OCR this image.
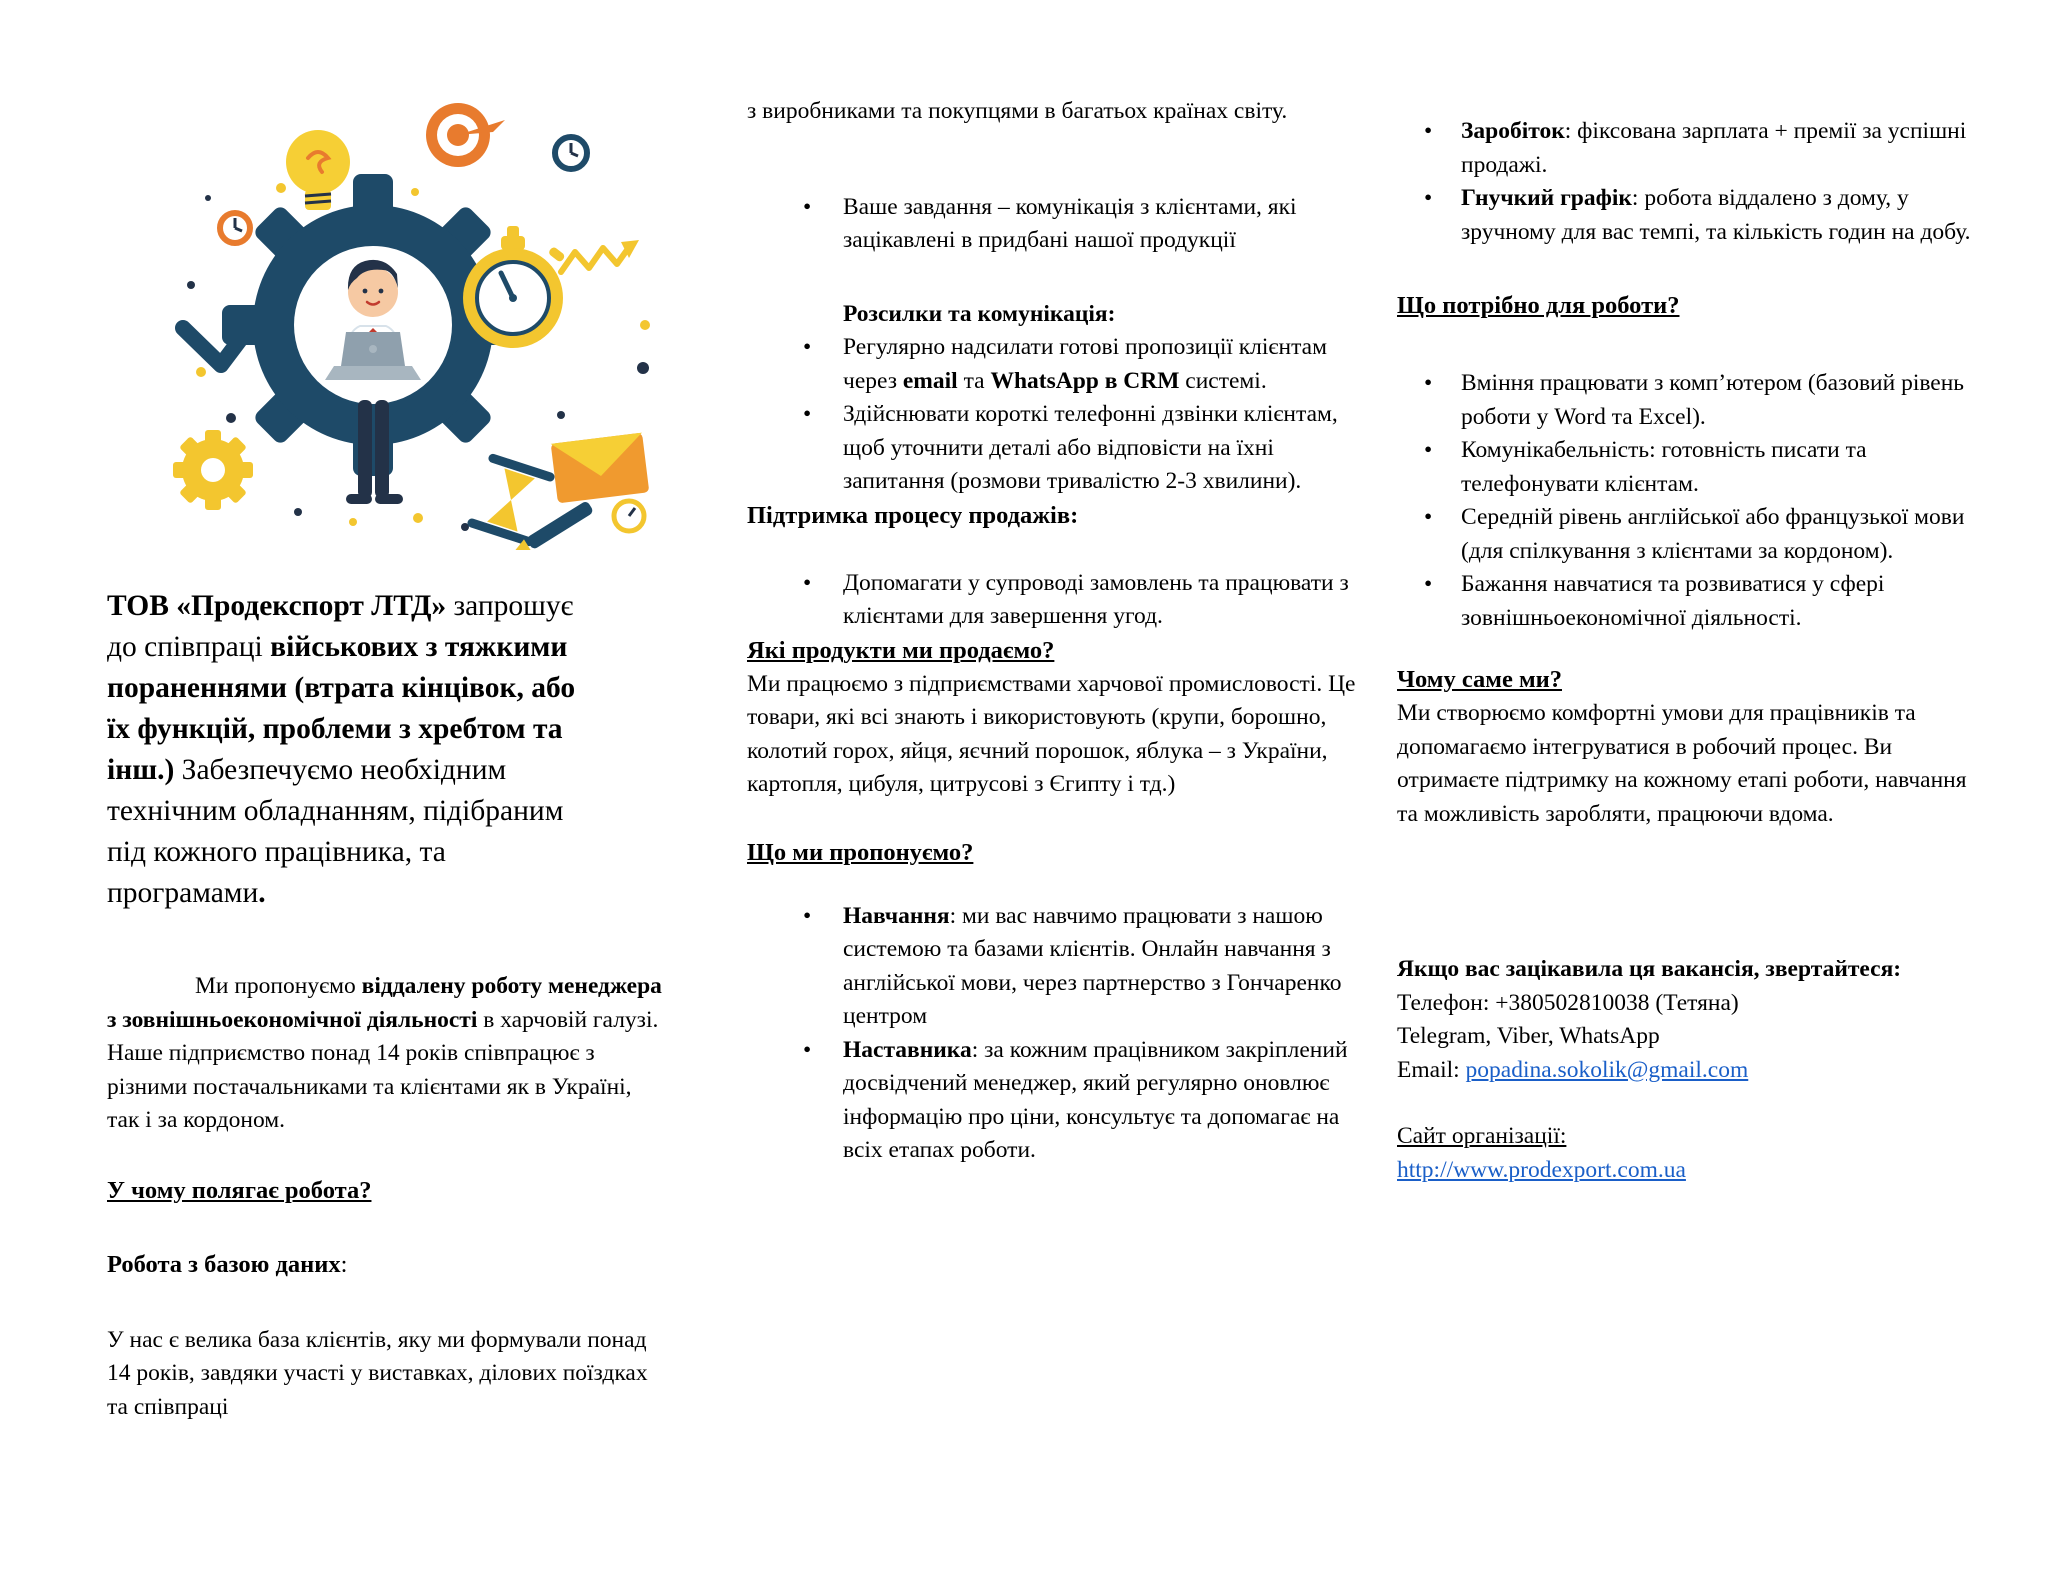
ТОВ «Продекспорт ЛТД» запрошує до співпраці військових з тяжкими пораненнями (втрата кінцівок, або їх функцій, проблеми з хребтом та інш.) Забезпечуємо необхідним технічним обладнанням, підібраним під кожного працівника, та програмами.

Ми пропонуємо віддалену роботу менеджера з зовнішньоекономічної діяльності в харчовій галузі. Наше підприємство понад 14 років співпрацює з різними постачальниками та клієнтами як в Україні, так і за кордоном.

У чому полягає робота?

Робота з базою даних:

У нас є велика база клієнтів, яку ми формували понад 14 років, завдяки участі у виставках, ділових поїздках та співпраці

з виробниками та покупцями в багатьох країнах світу.

• Ваше завдання – комунікація з клієнтами, які зацікавлені в придбані нашої продукції

Розсилки та комунікація:

• Регулярно надсилати готові пропозиції клієнтам через email та WhatsApp в CRM системі.
• Здійснювати короткі телефонні дзвінки клієнтам, щоб уточнити деталі або відповісти на їхні запитання (розмови тривалістю 2-3 хвилини).

Підтримка процесу продажів:

• Допомагати у супроводі замовлень та працювати з клієнтами для завершення угод.

Які продукти ми продаємо?

Ми працюємо з підприємствами харчової промисловості. Це товари, які всі знають і використовують (крупи, борошно, колотий горох, яйця, яєчний порошок, яблука – з України, картопля, цибуля, цитрусові з Єгипту і тд.)

Що ми пропонуємо?

• Навчання: ми вас навчимо працювати з нашою системою та базами клієнтів. Онлайн навчання з англійської мови, через партнерство з Гончаренко центром
• Наставника: за кожним працівником закріплений досвідчений менеджер, який регулярно оновлює інформацію про ціни, консультує та допомагає на всіх етапах роботи.
• Заробіток: фіксована зарплата + премії за успішні продажі.
• Гнучкий графік: робота віддалено з дому, у зручному для вас темпі, та кількість годин на добу.

Що потрібно для роботи?

• Вміння працювати з комп’ютером (базовий рівень роботи у Word та Excel).
• Комунікабельність: готовність писати та телефонувати клієнтам.
• Середній рівень англійської або французької мови (для спілкування з клієнтами за кордоном).
• Бажання навчатися та розвиватися у сфері зовнішньоекономічної діяльності.

Чому саме ми?

Ми створюємо комфортні умови для працівників та допомагаємо інтегруватися в робочий процес. Ви отримаєте підтримку на кожному етапі роботи, навчання та можливість заробляти, працюючи вдома.

Якщо вас зацікавила ця вакансія, звертайтеся:

Телефон: +380502810038 (Тетяна)

Telegram, Viber, WhatsApp

Email: popadina.sokolik@gmail.com

Сайт організації:

http://www.prodexport.com.ua
